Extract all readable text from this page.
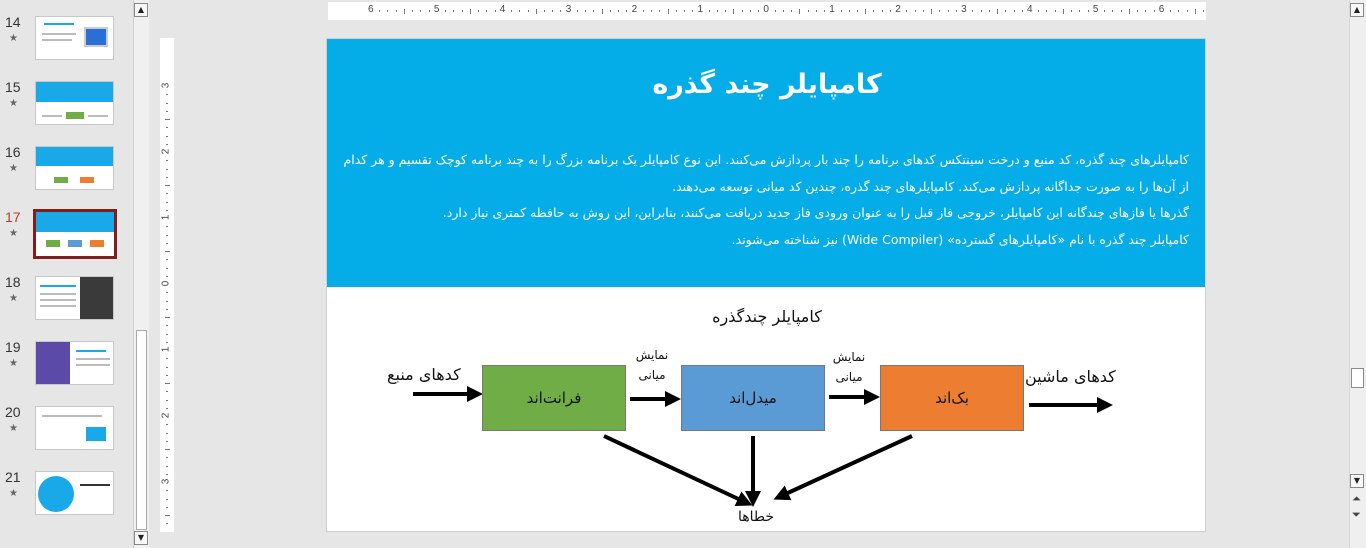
14
★
15
★
16
★
17
★
18
★
19
★
20
★
21
★
▲
▼
6	5	4	3	2	1	0	1	2	3	4	5	6
3
2
1
0
1
2
3
کامپایلر چند گذره

کامپایلرهای چند گذره، کد منبع و درخت سینتکس کدهای برنامه را چند بار پردازش می‌کنند. این نوع کامپایلر یک برنامه بزرگ را به چند برنامه کوچک تقسیم و هر کدام از آن‌ها را به صورت جداگانه پردازش می‌کند. کامپایلرهای چند گذره، چندین کد میانی توسعه می‌دهند.

گذرها یا فازهای چندگانه این کامپایلر، خروجی فاز قبل را به عنوان ورودی فاز جدید دریافت می‌کنند، بنابراین، این روش به حافظه کمتری نیاز دارد.

کامپایلر چند گذره با نام «کامپایلرهای گسترده» (Wide Compiler) نیز شناخته می‌شوند.

کامپایلر چندگذره
کدهای منبع
فرانت‌اند
نمایش میانی
میدل‌اند
نمایش میانی
بک‌اند
کدهای ماشین
خطاها
▲
▼
⏶
⏷
